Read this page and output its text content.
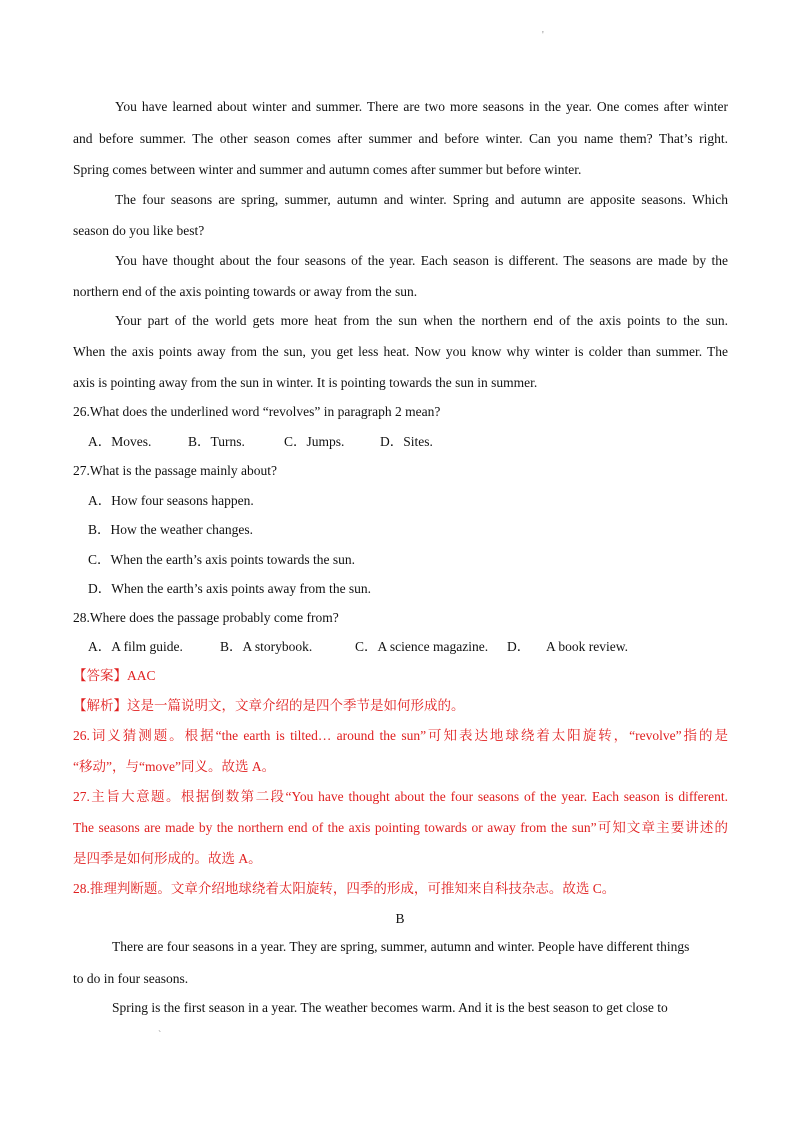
'
You have learned about winter and summer. There are two more seasons in the year. One comes after winter
and before summer. The other season comes after summer and before winter. Can you name them? That’s right.
Spring comes between winter and summer and autumn comes after summer but before winter.
The four seasons are spring, summer, autumn and winter. Spring and autumn are apposite seasons. Which
season do you like best?
You have thought about the four seasons of the year. Each season is different. The seasons are made by the
northern end of the axis pointing towards or away from the sun.
Your part of the world gets more heat from the sun when the northern end of the axis points to the sun.
When the axis points away from the sun, you get less heat. Now you know why winter is colder than summer. The
axis is pointing away from the sun in winter. It is pointing towards the sun in summer.
26.What does the underlined word “revolves” in paragraph 2 mean?
A．Moves.	B．Turns.	C．Jumps.	D．Sites.
27.What is the passage mainly about?
A．How four seasons happen.
B．How the weather changes.
C．When the earth’s axis points towards the sun.
D．When the earth’s axis points away from the sun.
28.Where does the passage probably come from?
A．A film guide.	B．A storybook.	C．A science magazine. D． A book review.
【答案】AAC
【解析】这是一篇说明文，文章介绍的是四个季节是如何形成的。
26.词义猜测题。根据“the earth is tilted… around the sun”可知表达地球绕着太阳旋转，“revolve”指的是
“移动”，与“move”同义。故选 A。
27.主旨大意题。根据倒数第二段“You have thought about the four seasons of the year. Each season is different.
The seasons are made by the northern end of the axis pointing towards or away from the sun”可知文章主要讲述的
是四季是如何形成的。故选 A。
28.推理判断题。文章介绍地球绕着太阳旋转，四季的形成，可推知来自科技杂志。故选 C。
B
There are four seasons in a year. They are spring, summer, autumn and winter. People have different things
to do in four seasons.
Spring is the first season in a year. The weather becomes warm. And it is the best season to get close to
`
